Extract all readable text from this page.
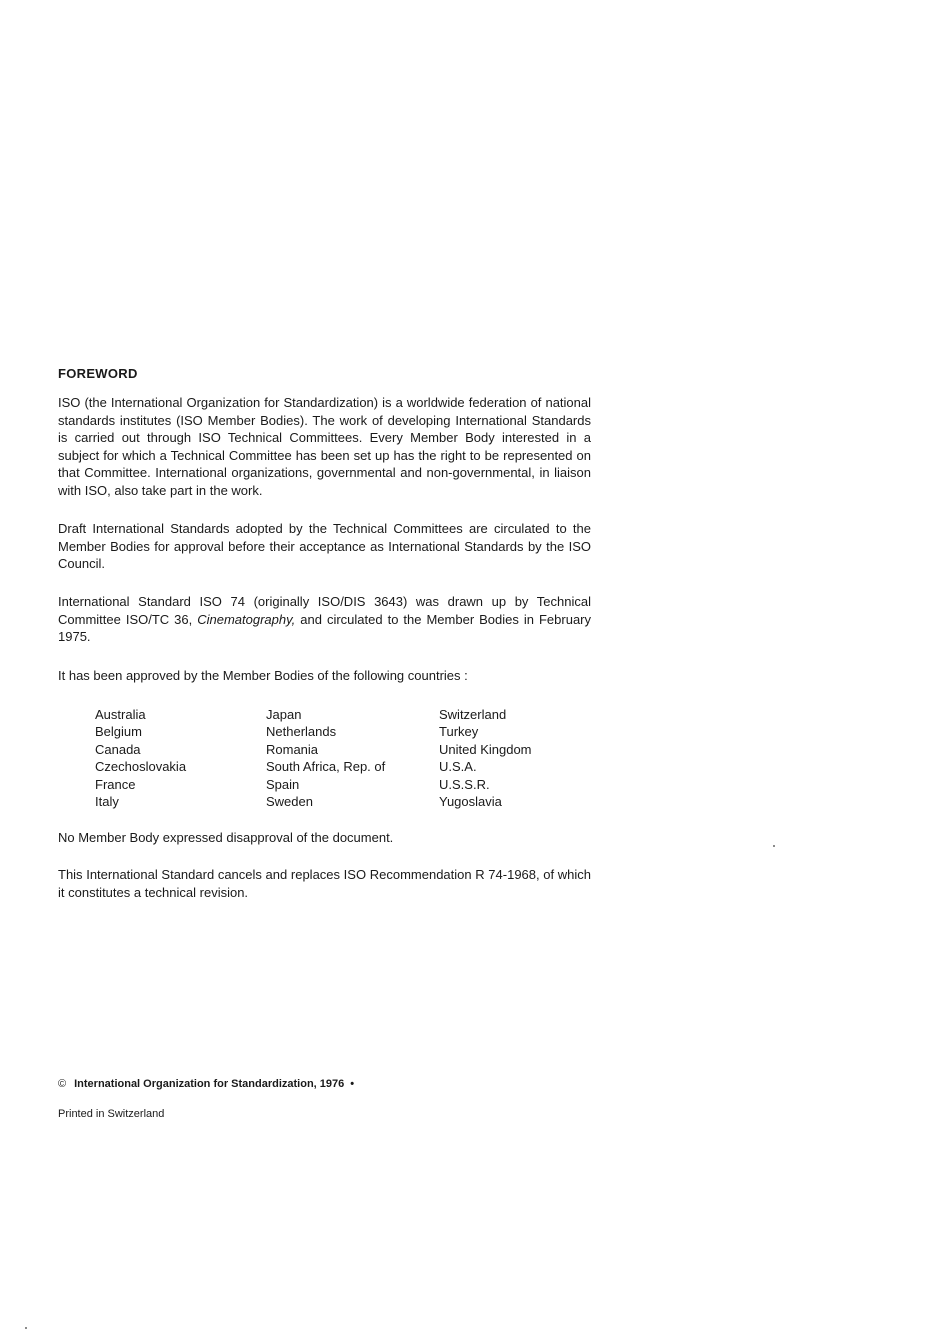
FOREWORD
ISO (the International Organization for Standardization) is a worldwide federation of national standards institutes (ISO Member Bodies). The work of developing International Standards is carried out through ISO Technical Committees. Every Member Body interested in a subject for which a Technical Committee has been set up has the right to be represented on that Committee. International organizations, governmental and non-governmental, in liaison with ISO, also take part in the work.
Draft International Standards adopted by the Technical Committees are circulated to the Member Bodies for approval before their acceptance as International Standards by the ISO Council.
International Standard ISO 74 (originally ISO/DIS 3643) was drawn up by Technical Committee ISO/TC 36, Cinematography, and circulated to the Member Bodies in February 1975.
It has been approved by the Member Bodies of the following countries :
Australia
Belgium
Canada
Czechoslovakia
France
Italy
Japan
Netherlands
Romania
South Africa, Rep. of
Spain
Sweden
Switzerland
Turkey
United Kingdom
U.S.A.
U.S.S.R.
Yugoslavia
No Member Body expressed disapproval of the document.
This International Standard cancels and replaces ISO Recommendation R 74-1968, of which it constitutes a technical revision.
© International Organization for Standardization, 1976 •
Printed in Switzerland
